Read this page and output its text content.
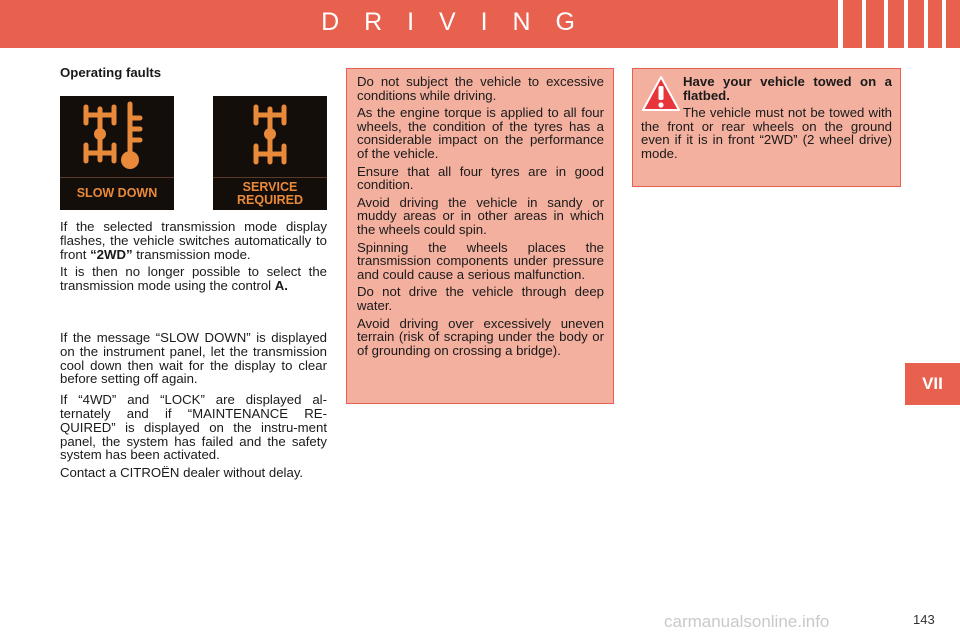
D R I V I N G
VII

Operating faults

SLOW DOWN	SERVICE
REQUIRED

If the selected transmission mode display flashes, the vehicle switches automatically to front “2WD” transmission mode.

It is then no longer possible to select the transmission mode using the control A.

If the message “SLOW DOWN” is displayed on the instrument panel, let the transmission cool down then wait for the display to clear before setting off again.

If “4WD” and “LOCK” are displayed al-ternately and if “MAINTENANCE RE-QUIRED” is displayed on the instru-ment panel, the system has failed and the safety system has been activated.

Contact a CITROËN dealer without delay.

Do not subject the vehicle to excessive conditions while driving.

As the engine torque is applied to all four wheels, the condition of the tyres has a considerable impact on the performance of the vehicle.

Ensure that all four tyres are in good condition.

Avoid driving the vehicle in sandy or muddy areas or in other areas in which the wheels could spin.

Spinning the wheels places the transmission components under pressure and could cause a serious malfunction.

Do not drive the vehicle through deep water.

Avoid driving over excessively uneven terrain (risk of scraping under the body or of grounding on crossing a bridge).

Have your vehicle towed on a flatbed.

The vehicle must not be towed with the front or rear wheels on the ground even if it is in front “2WD” (2 wheel drive) mode.

carmanualsonline.info	143
